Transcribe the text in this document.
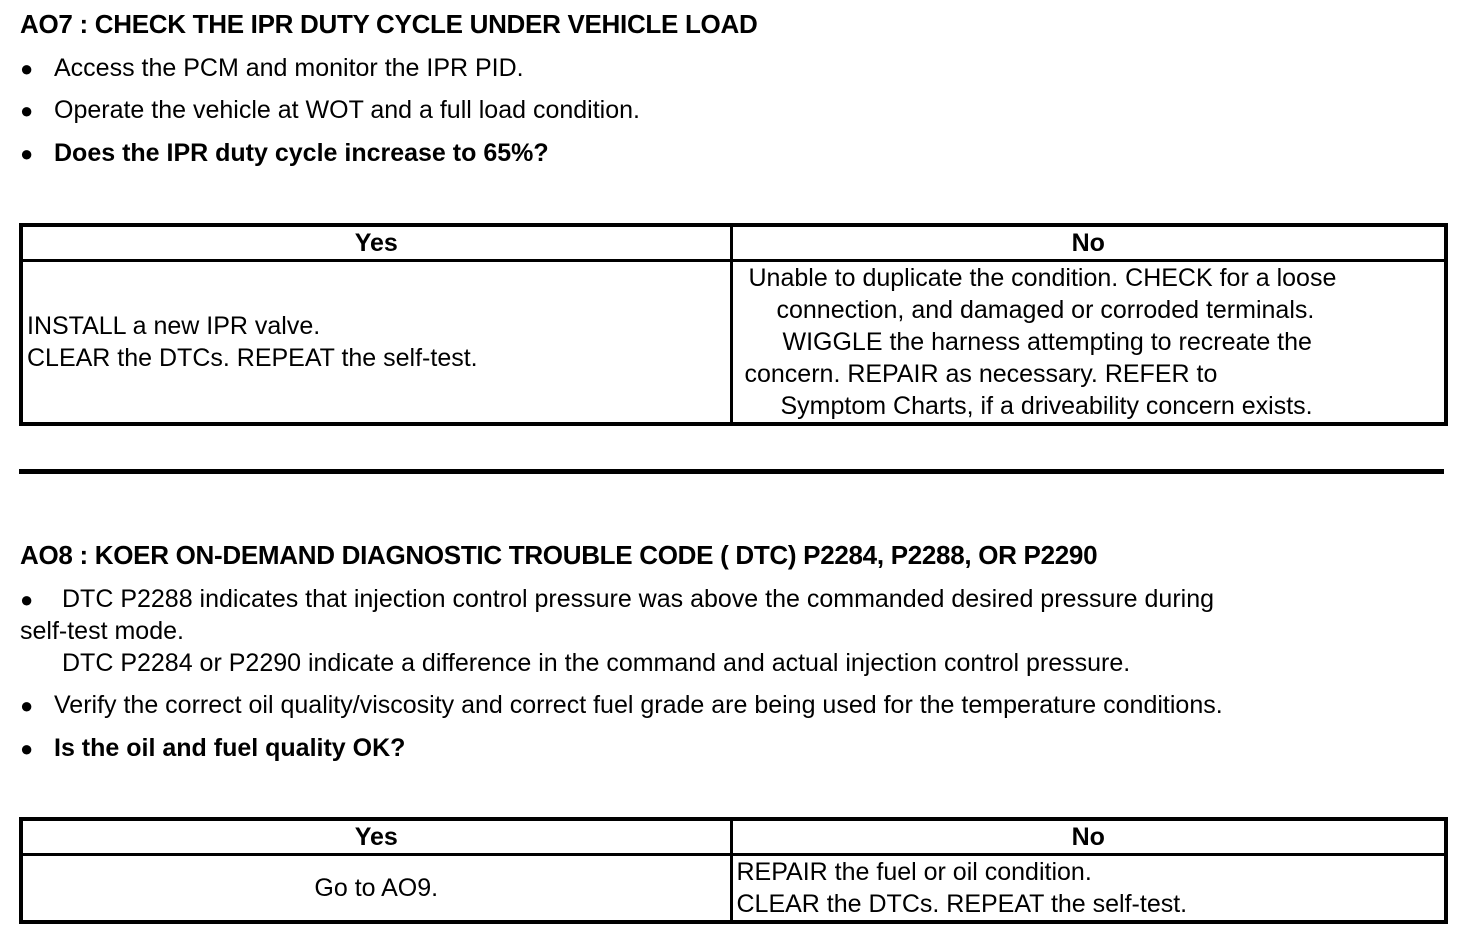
AO7 : CHECK THE IPR DUTY CYCLE UNDER VEHICLE LOAD
● Access the PCM and monitor the IPR PID.
● Operate the vehicle at WOT and a full load condition.
● Does the IPR duty cycle increase to 65%?
Yes	No

INSTALL a new IPR valve.
CLEAR the DTCs. REPEAT the self-test.	Unable to duplicate the condition. CHECK for a loose
connection, and damaged or corroded terminals.
WIGGLE the harness attempting to recreate the
concern. REPAIR as necessary. REFER to
Symptom Charts, if a driveability concern exists.
AO8 : KOER ON-DEMAND DIAGNOSTIC TROUBLE CODE ( DTC) P2284, P2288, OR P2290
● DTC P2288 indicates that injection control pressure was above the commanded desired pressure during
self-test mode.
DTC P2284 or P2290 indicate a difference in the command and actual injection control pressure.
● Verify the correct oil quality/viscosity and correct fuel grade are being used for the temperature conditions.
● Is the oil and fuel quality OK?
Yes	No
Go to AO9.	REPAIR the fuel or oil condition.
CLEAR the DTCs. REPEAT the self-test.
